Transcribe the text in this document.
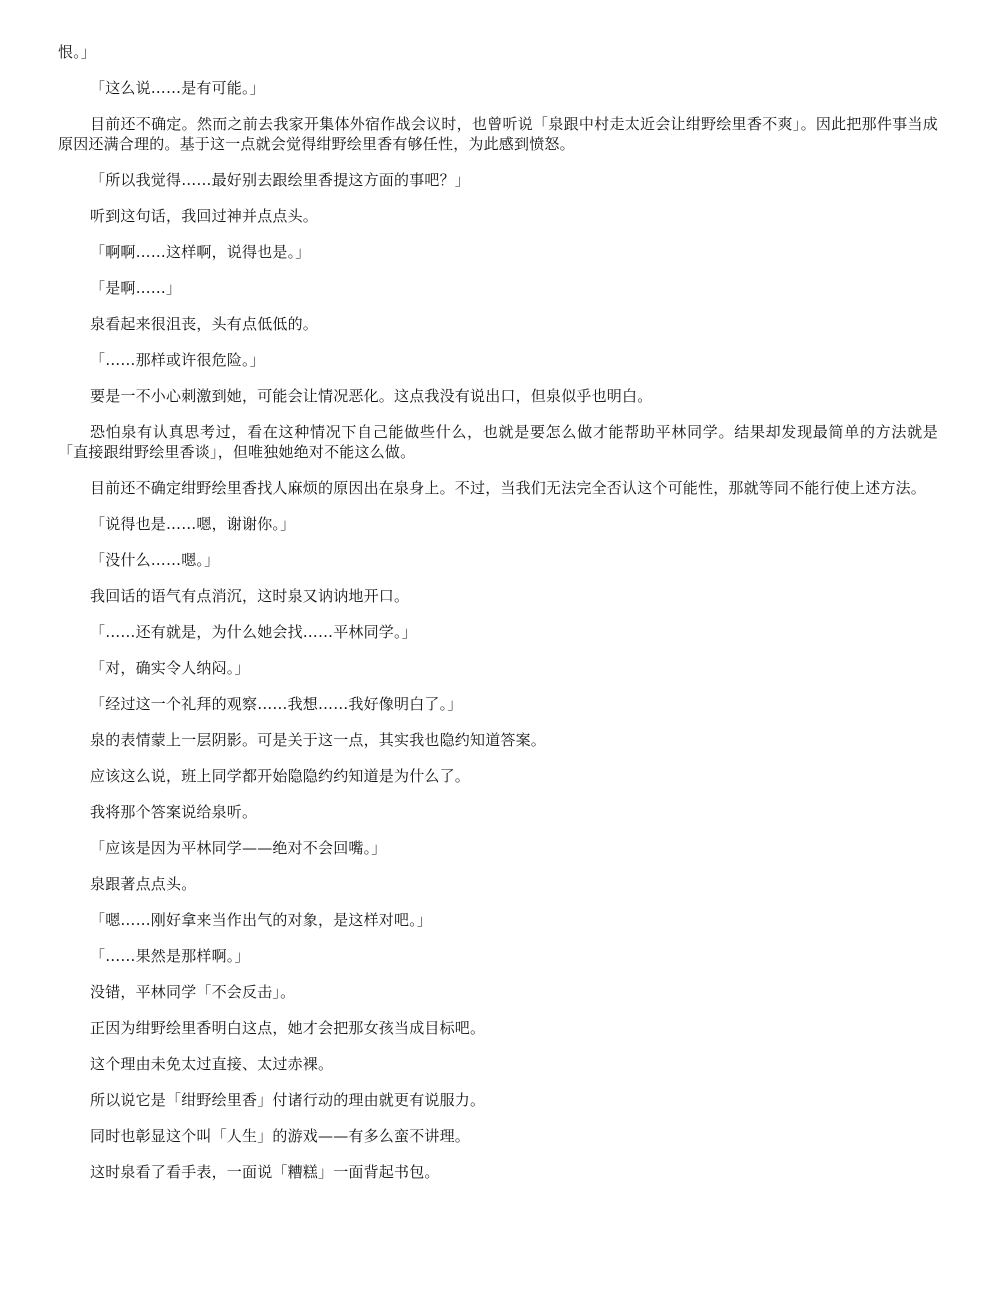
恨。」

「这么说……是有可能。」

目前还不确定。然而之前去我家开集体外宿作战会议时，也曾听说「泉跟中村走太近会让绀野绘里香不爽」。因此把那件事当成原因还满合理的。基于这一点就会觉得绀野绘里香有够任性，为此感到愤怒。

「所以我觉得……最好别去跟绘里香提这方面的事吧？」

听到这句话，我回过神并点点头。

「啊啊……这样啊，说得也是。」

「是啊……」

泉看起来很沮丧，头有点低低的。

「……那样或许很危险。」

要是一不小心刺激到她，可能会让情况恶化。这点我没有说出口，但泉似乎也明白。

恐怕泉有认真思考过，看在这种情况下自己能做些什么，也就是要怎么做才能帮助平林同学。结果却发现最简单的方法就是「直接跟绀野绘里香谈」，但唯独她绝对不能这么做。

目前还不确定绀野绘里香找人麻烦的原因出在泉身上。不过，当我们无法完全否认这个可能性，那就等同不能行使上述方法。

「说得也是……嗯，谢谢你。」

「没什么……嗯。」

我回话的语气有点消沉，这时泉又讷讷地开口。

「……还有就是，为什么她会找……平林同学。」

「对，确实令人纳闷。」

「经过这一个礼拜的观察……我想……我好像明白了。」

泉的表情蒙上一层阴影。可是关于这一点，其实我也隐约知道答案。

应该这么说，班上同学都开始隐隐约约知道是为什么了。

我将那个答案说给泉听。

「应该是因为平林同学——绝对不会回嘴。」

泉跟著点点头。

「嗯……刚好拿来当作出气的对象，是这样对吧。」

「……果然是那样啊。」

没错，平林同学「不会反击」。

正因为绀野绘里香明白这点，她才会把那女孩当成目标吧。

这个理由未免太过直接、太过赤裸。

所以说它是「绀野绘里香」付诸行动的理由就更有说服力。

同时也彰显这个叫「人生」的游戏——有多么蛮不讲理。

这时泉看了看手表，一面说「糟糕」一面背起书包。
